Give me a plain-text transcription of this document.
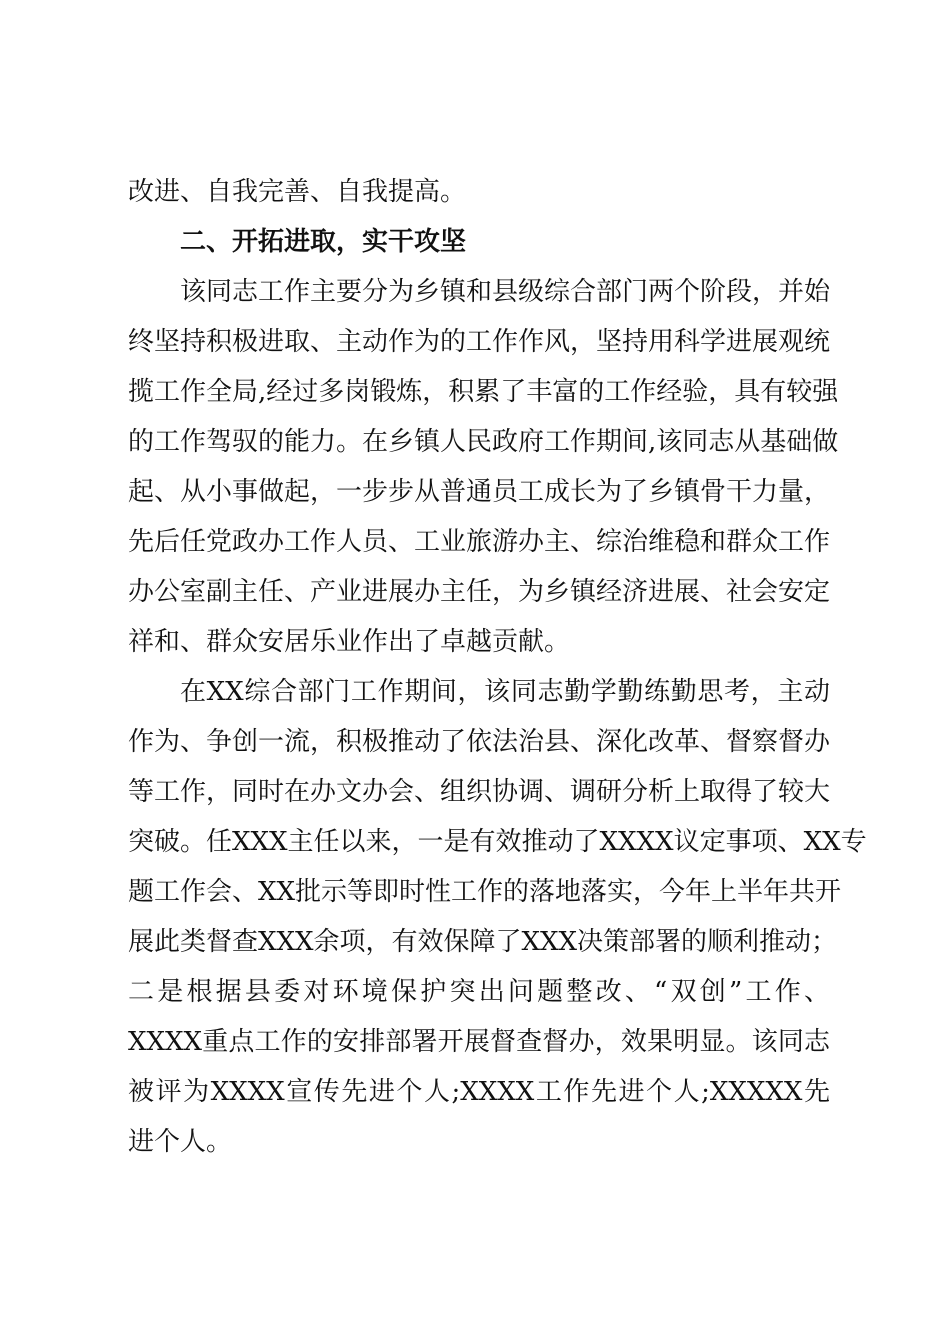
改进、自我完善、自我提高。
二、开拓进取，实干攻坚
该同志工作主要分为乡镇和县级综合部门两个阶段，并始
终坚持积极进取、主动作为的工作作风，坚持用科学进展观统
揽工作全局,经过多岗锻炼，积累了丰富的工作经验，具有较强
的工作驾驭的能力。在乡镇人民政府工作期间,该同志从基础做
起、从小事做起，一步步从普通员工成长为了乡镇骨干力量，
先后任党政办工作人员、工业旅游办主、综治维稳和群众工作
办公室副主任、产业进展办主任，为乡镇经济进展、社会安定
祥和、群众安居乐业作出了卓越贡献。
在XX综合部门工作期间，该同志勤学勤练勤思考，主动
作为、争创一流，积极推动了依法治县、深化改革、督察督办
等工作，同时在办文办会、组织协调、调研分析上取得了较大
突破。任XXX主任以来，一是有效推动了XXXX议定事项、XX专
题工作会、XX批示等即时性工作的落地落实，今年上半年共开
展此类督查XXX余项，有效保障了XXX决策部署的顺利推动；
二是根据县委对环境保护突出问题整改、“双创”工作、
XXXX重点工作的安排部署开展督查督办，效果明显。该同志
被评为XXXX宣传先进个人;XXXX工作先进个人;XXXXX先
进个人。
